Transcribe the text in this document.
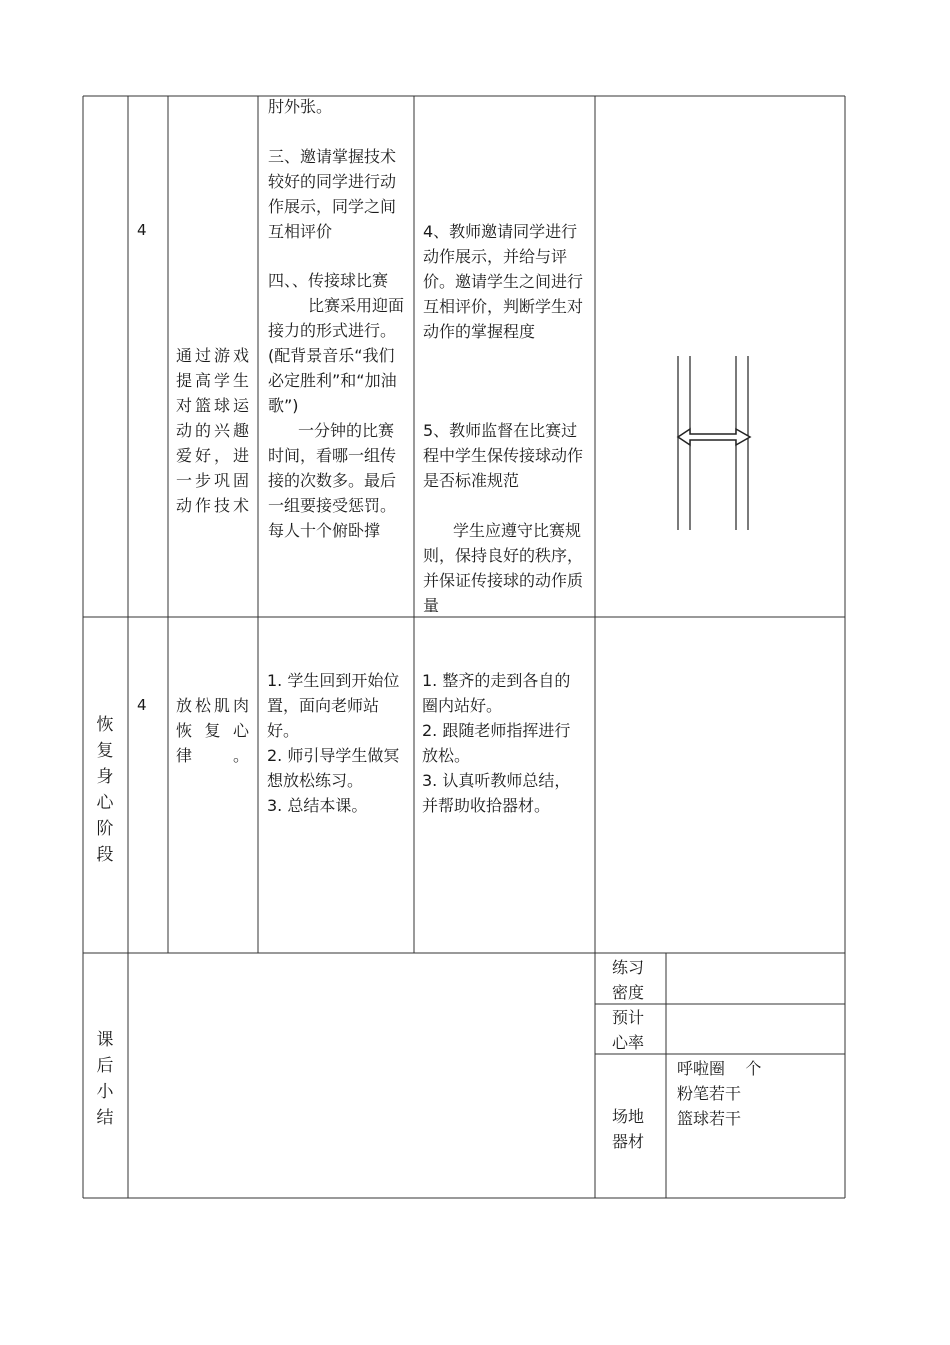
4
通过游戏提高学生对篮球运动的兴趣爱好，进一步巩固动作技术
肘外张。
三、邀请掌握技术较好的同学进行动作展示，同学之间互相评价
四、、传接球比赛
比赛采用迎面接力的形式进行。(配背景音乐“我们必定胜利”和“加油歌”)
一分钟的比赛时间，看哪一组传接的次数多。最后一组要接受惩罚。每人十个俯卧撑
4、教师邀请同学进行动作展示，并给与评价。邀请学生之间进行互相评价，判断学生对动作的掌握程度
5、教师监督在比赛过程中学生保传接球动作是否标准规范
学生应遵守比赛规则，保持良好的秩序，并保证传接球的动作质量
恢复身心阶段
4 放松肌肉恢复心律。
1. 学生回到开始位置，面向老师站好。
2. 师引导学生做冥想放松练习。
3. 总结本课。
1. 整齐的走到各自的圈内站好。
2. 跟随老师指挥进行放松。
3. 认真听教师总结，并帮助收拾器材。
课后小结
练习密度
预计心率
场地器材
呼啦圈    个
粉笔若干
篮球若干
